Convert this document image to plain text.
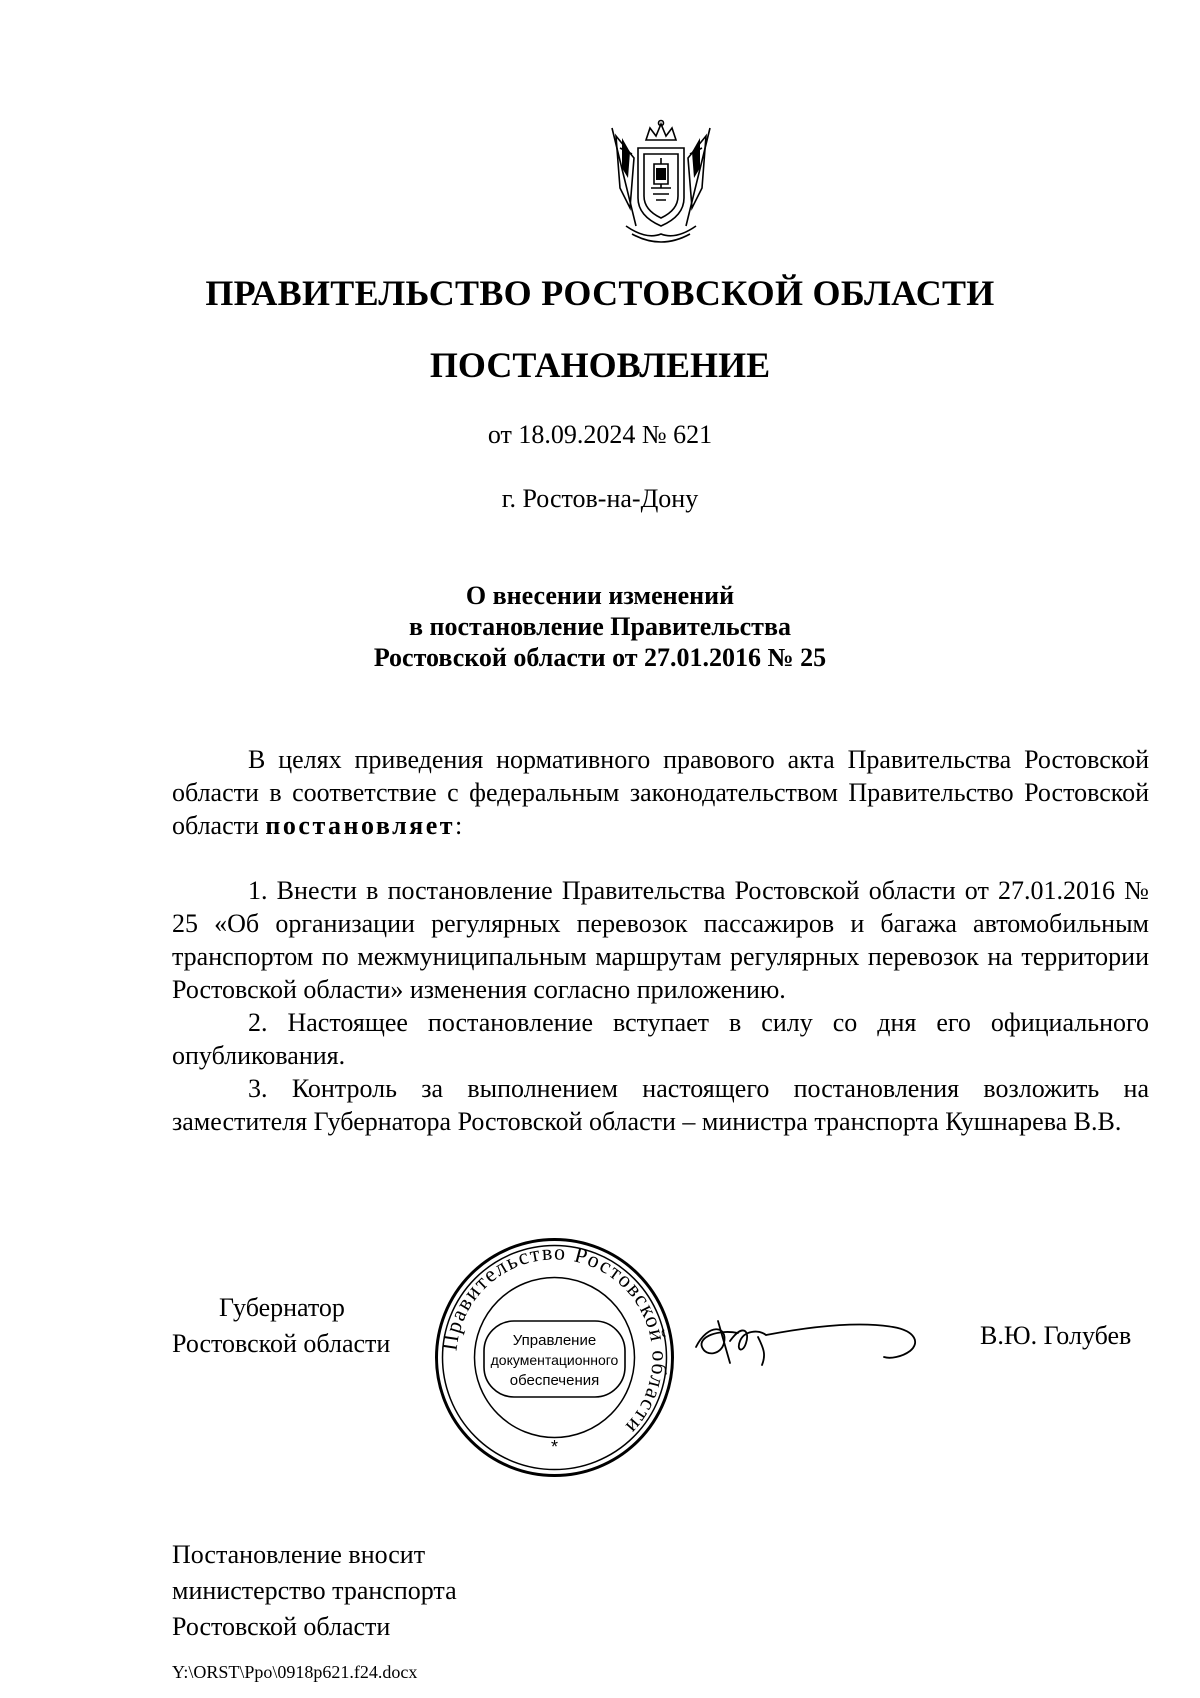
ПРАВИТЕЛЬСТВО РОСТОВСКОЙ ОБЛАСТИ
ПОСТАНОВЛЕНИЕ
от 18.09.2024 № 621
г. Ростов-на-Дону
О внесении изменений
в постановление Правительства
Ростовской области от 27.01.2016 № 25

В целях приведения нормативного правового акта Правительства Ростовской области в соответствие с федеральным законодательством Правительство Ростовской области постановляет:

1. Внести в постановление Правительства Ростовской области от 27.01.2016 № 25 «Об организации регулярных перевозок пассажиров и багажа автомобильным транспортом по межмуниципальным маршрутам регулярных перевозок на территории Ростовской области» изменения согласно приложению.

2. Настоящее постановление вступает в силу со дня его официального опубликования.

3. Контроль за выполнением настоящего постановления возложить на заместителя Губернатора Ростовской области – министра транспорта Кушнарева В.В.

Губернатор
Ростовской области Правительство Ростовской области
Управление
документационного
обеспечения
*
В.Ю. Голубев
Постановление вносит
министерство транспорта
Ростовской области
Y:\ORST\Ppo\0918p621.f24.docx
